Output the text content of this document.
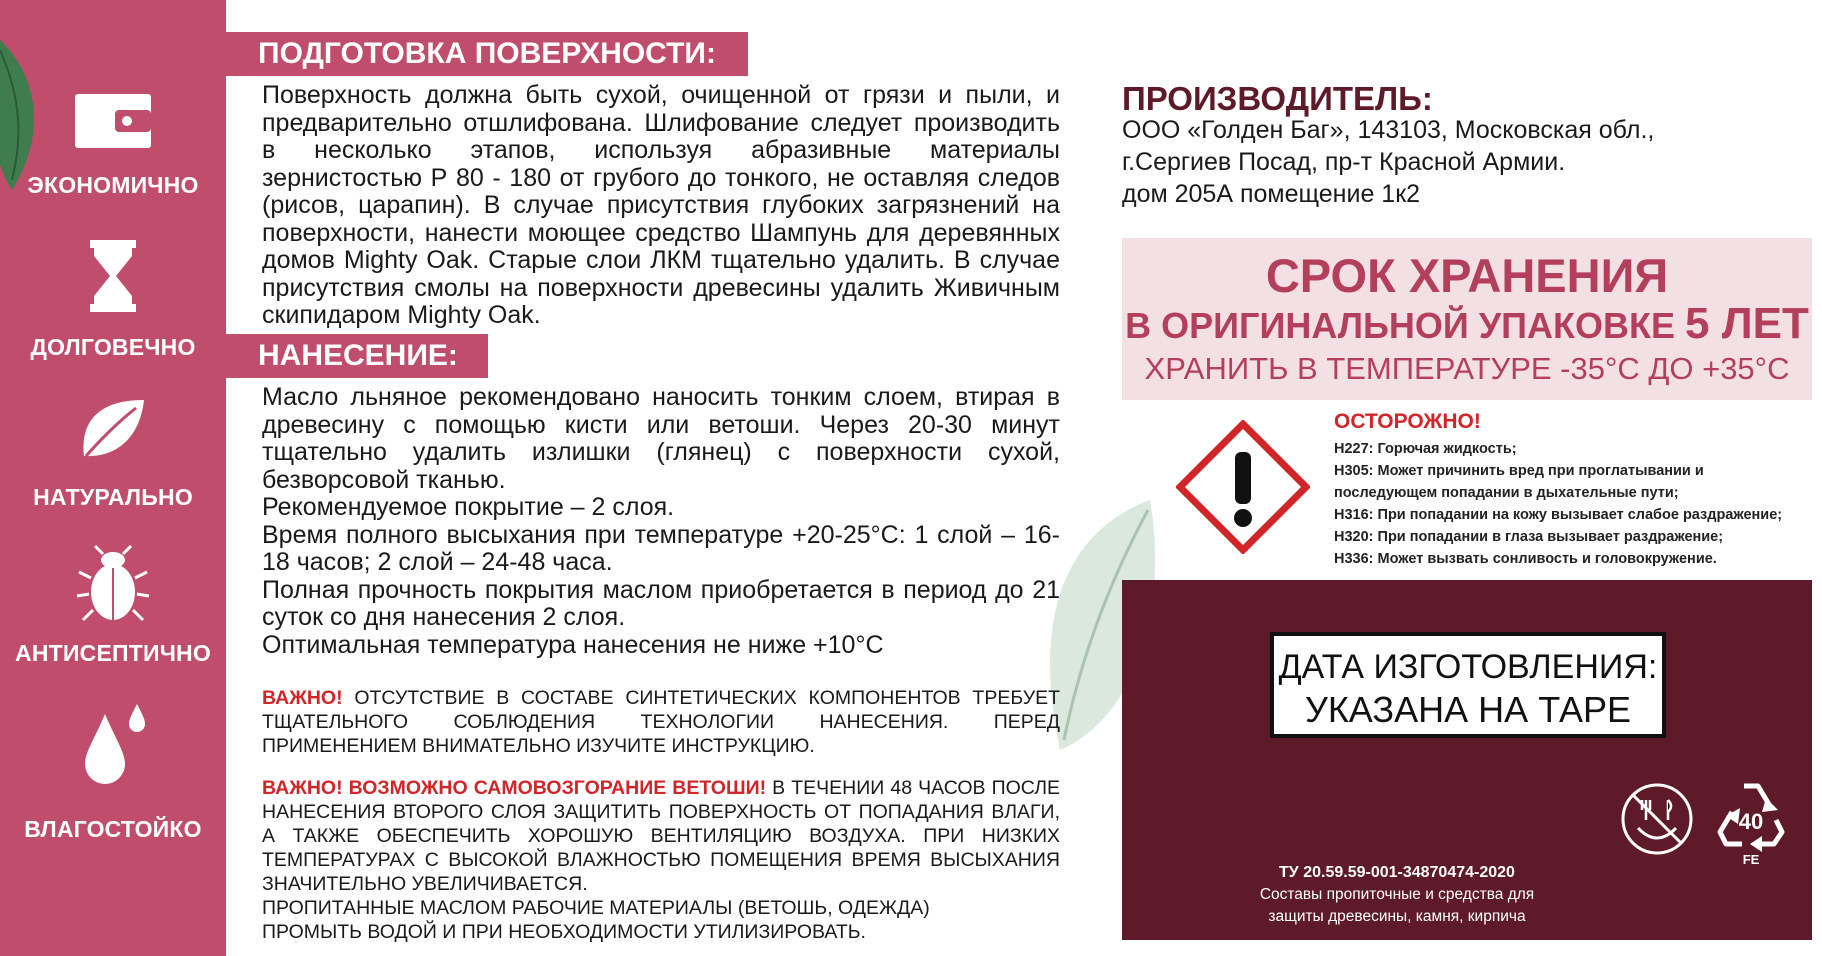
ЭКОНОМИЧНО
ДОЛГОВЕЧНО
НАТУРАЛЬНО
АНТИСЕПТИЧНО
ВЛАГОСТОЙКО
ПОДГОТОВКА ПОВЕРХНОСТИ:

Поверхность должна быть сухой, очищенной от грязи и пыли, и предварительно отшлифована. Шлифование следует производить в несколько этапов, используя абразивные материалы зернистостью Р 80 - 180 от грубого до тонкого, не оставляя следов (рисов, царапин). В случае присутствия глубоких загрязнений на поверхности, нанести моющее средство Шампунь для деревянных домов Mighty Oak. Старые слои ЛКМ тщательно удалить. В случае присутствия смолы на поверхности древесины удалить Живичным скипидаром Mighty Oak.

НАНЕСЕНИЕ:

Масло льняное рекомендовано наносить тонким слоем, втирая в древесину с помощью кисти или ветоши. Через 20-30 минут тщательно удалить излишки (глянец) с поверхности сухой, безворсовой тканью.

Рекомендуемое покрытие – 2 слоя.

Время полного высыхания при температуре +20-25°С: 1 слой – 16-18 часов; 2 слой – 24-48 часа.

Полная прочность покрытия маслом приобретается в период до 21 суток со дня нанесения 2 слоя.

Оптимальная температура нанесения не ниже +10°С

ВАЖНО! ОТСУТСТВИЕ В СОСТАВЕ СИНТЕТИЧЕСКИХ КОМПОНЕНТОВ ТРЕБУЕТ ТЩАТЕЛЬНОГО СОБЛЮДЕНИЯ ТЕХНОЛОГИИ НАНЕСЕНИЯ. ПЕРЕД ПРИМЕНЕНИЕМ ВНИМАТЕЛЬНО ИЗУЧИТЕ ИНСТРУКЦИЮ.

ВАЖНО! ВОЗМОЖНО САМОВОЗГОРАНИЕ ВЕТОШИ! В ТЕЧЕНИИ 48 ЧАСОВ ПОСЛЕ НАНЕСЕНИЯ ВТОРОГО СЛОЯ ЗАЩИТИТЬ ПОВЕРХНОСТЬ ОТ ПОПАДАНИЯ ВЛАГИ, А ТАКЖЕ ОБЕСПЕЧИТЬ ХОРОШУЮ ВЕНТИЛЯЦИЮ ВОЗДУХА. ПРИ НИЗКИХ ТЕМПЕРАТУРАХ С ВЫСОКОЙ ВЛАЖНОСТЬЮ ПОМЕЩЕНИЯ ВРЕМЯ ВЫСЫХАНИЯ ЗНАЧИТЕЛЬНО УВЕЛИЧИВАЕТСЯ.

ПРОПИТАННЫЕ МАСЛОМ РАБОЧИЕ МАТЕРИАЛЫ (ВЕТОШЬ, ОДЕЖДА)

ПРОМЫТЬ ВОДОЙ И ПРИ НЕОБХОДИМОСТИ УТИЛИЗИРОВАТЬ.

ПРОИЗВОДИТЕЛЬ:
ООО «Голден Баг», 143103, Московская обл.,
г.Сергиев Посад, пр-т Красной Армии.
дом 205А помещение 1к2
СРОК ХРАНЕНИЯ
В ОРИГИНАЛЬНОЙ УПАКОВКЕ 5 ЛЕТ
ХРАНИТЬ В ТЕМПЕРАТУРЕ -35°С ДО +35°С
ОСТОРОЖНО!
Н227: Горючая жидкость;
Н305: Может причинить вред при проглатывании и
последующем попадании в дыхательные пути;
Н316: При попадании на кожу вызывает слабое раздражение;
Н320: При попадании в глаза вызывает раздражение;
Н336: Может вызвать сонливость и головокружение.
ДАТА ИЗГОТОВЛЕНИЯ:
УКАЗАНА НА ТАРЕ
40
FE
ТУ 20.59.59-001-34870474-2020
Составы пропиточные и средства для
защиты древесины, камня, кирпича
